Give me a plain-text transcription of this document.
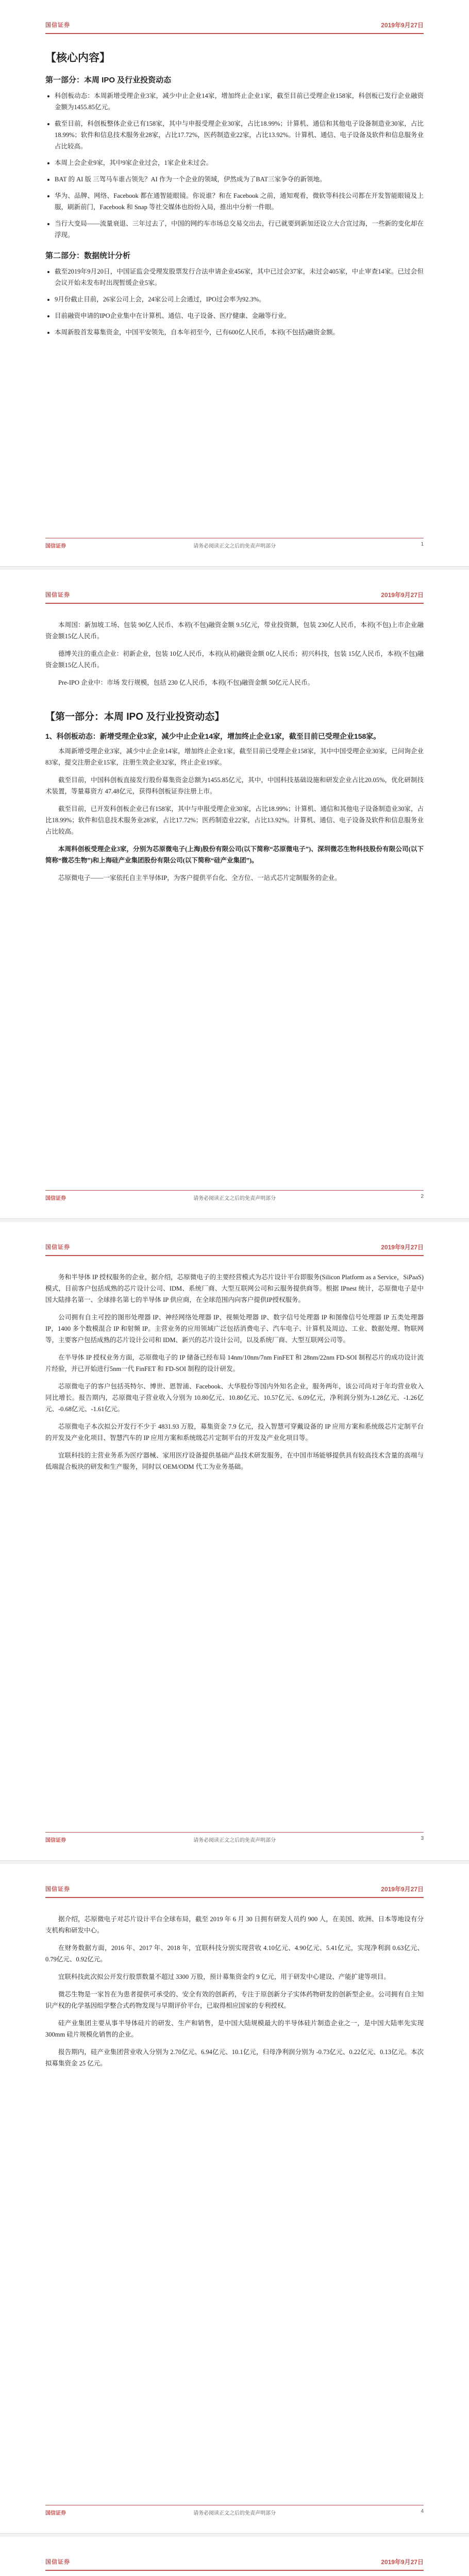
国信证券	2019年9月27日
【核心内容】
第一部分：本周 IPO 及行业投资动态
• 科创板动态：本周新增受理企业3家，减少中止企业14家，增加终止企业1家，截至目前已受理企业158家，科创板已发行企业融资金额为1455.85亿元。
• 截至目前，科创板整体企业已有158家，其中与申报受理企业30家，占比18.99%；计算机、通信和其他电子设备制造业30家，占比18.99%；软件和信息技术服务业28家，占比17.72%，医药制造业22家，占比13.92%。计算机、通信、电子设备及软件和信息服务业占比较高。
• 本周上会企业9家，其中9家企业过会，1家企业未过会。
• BAT 的 AI 版 三驾马车谁占领先？AI 作为一个企业的领域，伊然成为了BAT三家争夺的新领地。
• 华为、品牌、网络、Facebook 都在通智能眼镜。你说谁？和在 Facebook 之前，通知观看，微软等科技公司都在开发智能眼镜及上服，刷新前门，Facebook 和 Snap 等社交媒体也纷纷入局，推出中分析一件眼。
• 当行大变局——流量衰退、三年过去了，中国的网约车市场总交易交出去，行已就要到新加还设立大合宣过海，一些新的变化却在浮现。
第二部分：数据统计分析
• 截至2019年9月20日，中国证监会受理发股票发行合法申请企业456家，其中已过会37家，未过会405家，中止审查14家。已过会但会议开始未发布时出现暂缓企业5家。
• 9月份截止目前，26家公司上会，24家公司上会通过，IPO过会率为92.3%。
• 目前融资申请的IPO企业集中在计算机、通信、电子设备、医疗健康、金融等行业。
• 本周新股首发募集资金，中国平安领先，自本年初至今，已有600亿人民币，本初(不包括)融资金额。
国信证券	请务必阅读正文之后的免责声明部分	1
国信证券	2019年9月27日

本周国：新加坡工场、包装 90亿人民币、本初(不包)融资金额 9.5亿元，带业投资额，包装 230亿人民币，本初(不包)上市企业融资金额15亿人民币。

德博关注的重点企业：初新企业，包装 10亿人民币，本初(从初)融资金额 0亿人民币；初兴科技，包装 15亿人民币，本初(不包)融资金额15亿人民币。

Pre-IPO 企业中：市场 发行规模，包括 230 亿人民币，本初(不包)融资金额 50亿元人民币。

【第一部分：本周 IPO 及行业投资动态】
1、科创板动态：新增受理企业3家，减少中止企业14家，增加终止企业1家，截至目前已受理企业158家。

本周新增受理企业3家，减少中止企业14家，增加终止企业1家，截至目前已受理企业158家，其中中国受理企业30家，已问询企业83家，提交注册企业15家，注册生效企业32家，终止企业19家。

截至目前，中国科创板直接发行股份募集资金总额为1455.85亿元，其中，中国科技基础设施和研发企业占比20.05%，优化研制技术装置，等量募资方 47.48亿元，获得科创板证券注册上市。

截至目前，已开发科创板企业已有158家，其中与申报受理企业30家，占比18.99%；计算机、通信和其他电子设备制造业30家，占比18.99%；软件和信息技术服务业28家，占比17.72%；医药制造业22家，占比13.92%。计算机、通信、电子设备及软件和信息服务业占比较高。

本周科创板受理企业3家，分别为芯原微电子(上海)股份有限公司(以下简称“芯原微电子”)、深圳微芯生物科技股份有限公司(以下简称“微芯生物”)和上海硅产业集团股份有限公司(以下简称“硅产业集团”)。

芯原微电子——一家依托自主半导体IP，为客户提供平台化、全方位、一站式芯片定制服务的企业。

国信证券	请务必阅读正文之后的免责声明部分	2
国信证券	2019年9月27日

务和半导体 IP 授权服务的企业，据介绍，芯原微电子的主要经营模式为芯片设计平台即服务(Silicon Platform as a Service，SiPaaS)模式，目前客户包括成熟的芯片设计公司、IDM、系统厂商、大型互联网公司和云服务提供商等。根据 IPnest 统计，芯原微电子是中国大陆排名第一、全球排名第七的半导体 IP 供应商，在全球范围内向客户提供IP授权服务。

公司拥有自主可控的图形处理器 IP、神经网络处理器 IP、视频处理器 IP、数字信号处理器 IP 和图像信号处理器 IP 五类处理器 IP，1400 多个数模混合 IP 和射频 IP。主营业务的应用领域广泛包括消费电子、汽车电子、计算机及周边、工业、数据处理、物联网等，主要客户包括成熟的芯片设计公司和 IDM、新兴的芯片设计公司，以及系统厂商、大型互联网公司等。

在半导体 IP 授权业务方面，芯原微电子的 IP 储备已经布局 14nm/10nm/7nm FinFET 和 28nm/22nm FD-SOI 制程芯片的成功设计流片经验，并已开始进行5nm一代 FinFET 和 FD-SOI 制程的设计研发。

芯原微电子的客户包括英特尔、博世、恩智浦、Facebook、大华股份等国内外知名企业，服务两年，该公司尚对于年均营业收入同比增长。报告期内，芯原微电子营业收入分别为 10.80亿元、10.80亿元、10.57亿元、6.09亿元，净利润分别为-1.28亿元、-1.26亿元、-0.68亿元、-1.61亿元。

芯原微电子本次拟公开发行不少于 4831.93 万股，募集资金 7.9 亿元，投入智慧可穿戴设备的 IP 应用方案和系统级芯片定制平台的开发及产业化项目、智慧汽车的 IP 应用方案和系统级芯片定制平台的开发及产业化项目等。

宜联科技的主营业务系为医疗器械、家用医疗设备提供基础产品技术研发服务，在中国市场能够提供具有较高技术含量的高端与低端混合板块的研发和生产服务，同时以 OEM/ODM 代工为业务基础。

国信证券	请务必阅读正文之后的免责声明部分	3
国信证券	2019年9月27日

据介绍，芯原微电子对芯片设计平台全球布局，截至 2019 年 6 月 30 日拥有研发人员约 900 人，在美国、欧洲、日本等地设有分支机构和研发中心。

在财务数据方面，2016 年、2017 年、2018 年，宜联科技分别实现营收 4.10亿元、4.90亿元、5.41亿元，实现净利润 0.63亿元、0.79亿元、0.92亿元。

宜联科技此次拟公开发行股票数量不超过 3300 万股，预计募集资金约 9 亿元，用于研发中心建设、产能扩建等项目。

微芯生物是一家旨在为患者提供可承受的、安全有效的创新药，专注于原创新分子实体药物研发的创新型企业。公司拥有自主知识产权的化学基因组学整合式药物发现与早期评价平台，已取得相应国家的专利授权。

硅产业集团主要从事半导体硅片的研发、生产和销售，是中国大陆规模最大的半导体硅片制造企业之一，是中国大陆率先实现 300mm 硅片规模化销售的企业。

报告期内，硅产业集团营业收入分别为 2.70亿元、6.94亿元、10.1亿元，归母净利润分别为 -0.73亿元、0.22亿元、0.13亿元。本次拟募集资金 25 亿元。

国信证券	请务必阅读正文之后的免责声明部分	4
国信证券	2019年9月27日
